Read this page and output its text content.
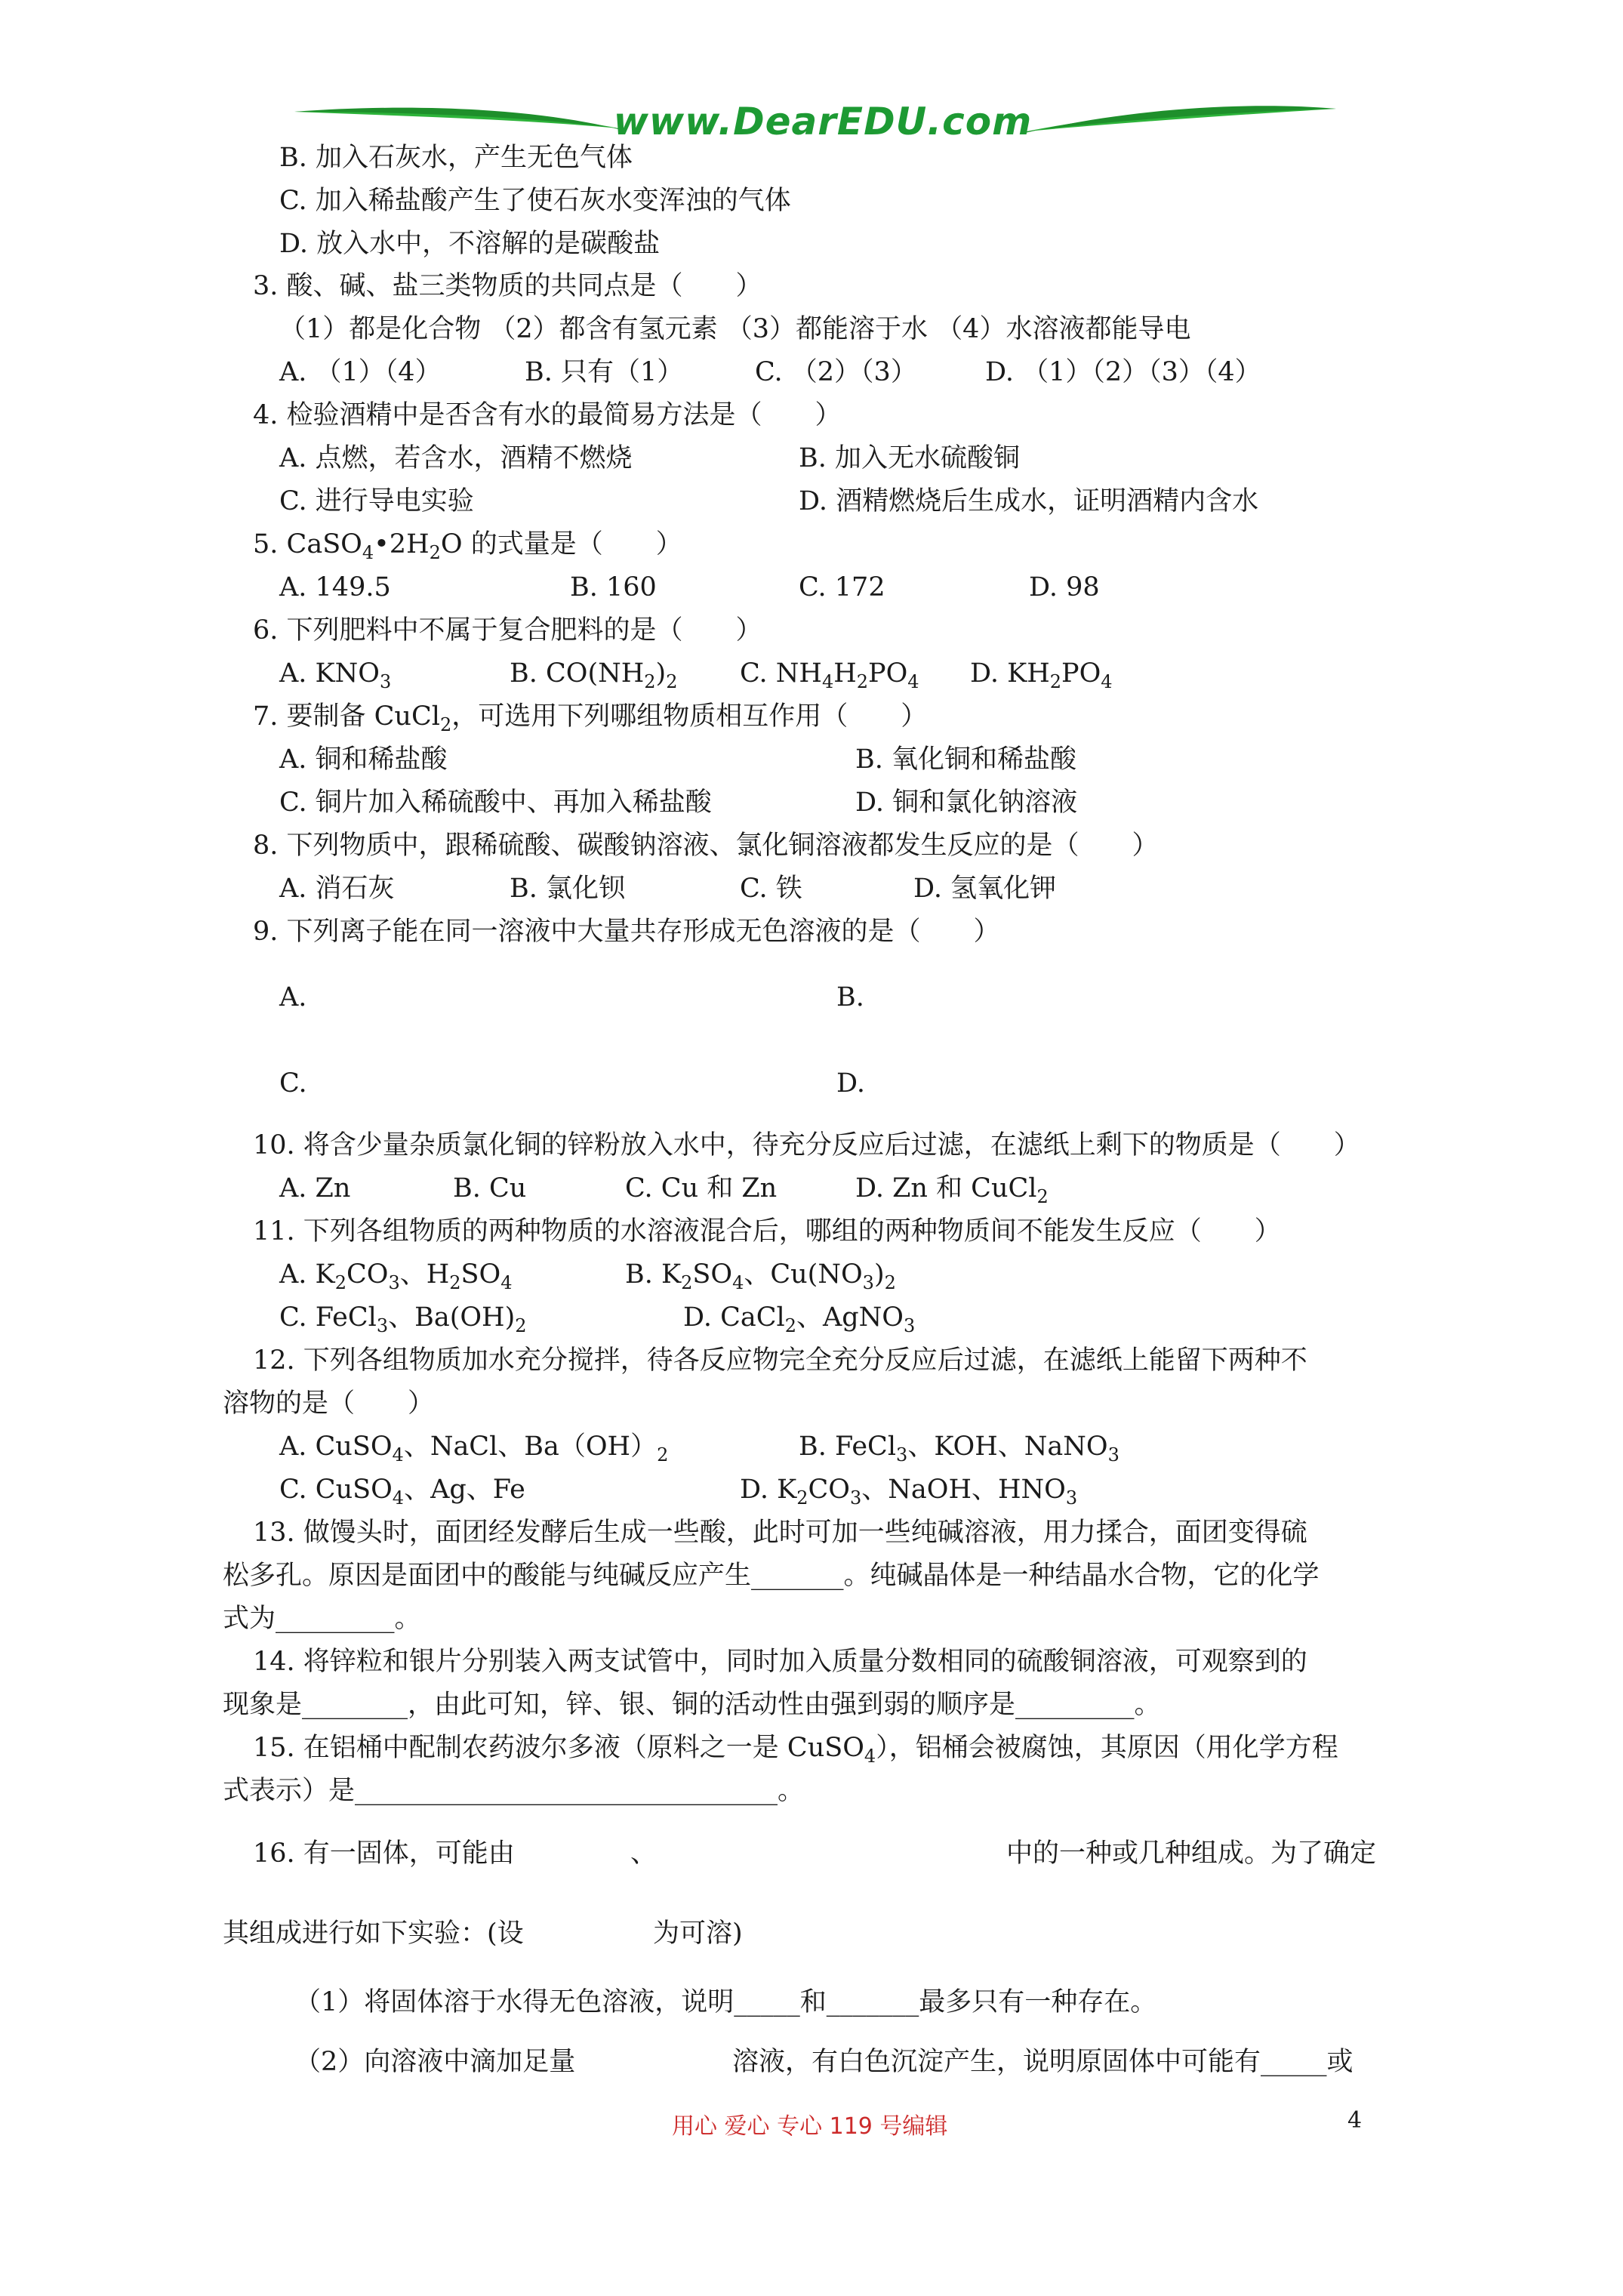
www.DearEDU.com
B. 加入石灰水，产生无色气体
C. 加入稀盐酸产生了使石灰水变浑浊的气体
D. 放入水中，不溶解的是碳酸盐
3. 酸、碱、盐三类物质的共同点是（　　）
（1）都是化合物 （2）都含有氢元素 （3）都能溶于水 （4）水溶液都能导电
A. （1）（4）	B. 只有（1）	C. （2）（3）	D. （1）（2）（3）（4）
4. 检验酒精中是否含有水的最简易方法是（　　）
A. 点燃，若含水，酒精不燃烧	B. 加入无水硫酸铜
C. 进行导电实验	D. 酒精燃烧后生成水，证明酒精内含水
5. $CaSO_4•2H_2O$ 的式量是（　　）
A. 149.5	B. 160	C. 172	D. 98
6. 下列肥料中不属于复合肥料的是（　　）
A. $KNO_3$	B. $CO(NH_2)_2$ C. $NH_4H_2PO_4$ D. $KH_2PO_4$
7. 要制备 CuCl$_2$，可选用下列哪组物质相互作用（　　）
A. 铜和稀盐酸	B. 氧化铜和稀盐酸
C. 铜片加入稀硫酸中、再加入稀盐酸	D. 铜和氯化钠溶液
8. 下列物质中，跟稀硫酸、碳酸钠溶液、氯化铜溶液都发生反应的是（　　）
A. 消石灰	B. 氯化钡	C. 铁	D. 氢氧化钾
9. 下列离子能在同一溶液中大量共存形成无色溶液的是（　　）
A.	B.
C.	D.
10. 将含少量杂质氯化铜的锌粉放入水中，待充分反应后过滤，在滤纸上剩下的物质是（　　）
A. Zn	B. Cu	C. Cu 和 Zn	D. Zn 和 CuCl$_2$
11. 下列各组物质的两种物质的水溶液混合后，哪组的两种物质间不能发生反应（　　）
A. $K_2CO_3$、$H_2SO_4$	B. $K_2SO_4$、$Cu(NO_3)_2$
C. FeCl$_3$、$Ba(OH)_2$	D. CaCl$_2$、AgNO$_3$
12. 下列各组物质加水充分搅拌，待各反应物完全充分反应后过滤，在滤纸上能留下两种不
溶物的是（　　）
A. CuSO$_4$、NaCl、$Ba(OH)_2$	B. FeCl$_3$、KOH、NaNO$_3$
C. CuSO$_4$、Ag、Fe	D. $K_2CO_3$、NaOH、$HNO_3$
13. 做馒头时，面团经发酵后生成一些酸，此时可加一些纯碱溶液，用力揉合，面团变得硫
松多孔。原因是面团中的酸能与纯碱反应产生_______。纯碱晶体是一种结晶水合物，它的化学
式为_________。
14. 将锌粒和银片分别装入两支试管中，同时加入质量分数相同的硫酸铜溶液，可观察到的
现象是________，由此可知，锌、银、铜的活动性由强到弱的顺序是_________。
15. 在铝桶中配制农药波尔多液（原料之一是 CuSO$_4$），铝桶会被腐蚀，其原因（用化学方程
式表示）是________________________________。
16. 有一固体，可能由	、	中的一种或几种组成。为了确定
其组成进行如下实验：(设	为可溶)
（1）将固体溶于水得无色溶液，说明_____和_______最多只有一种存在。
（2）向溶液中滴加足量	溶液，有白色沉淀产生，说明原固体中可能有_____或
用心 爱心 专心 119 号编辑	4
